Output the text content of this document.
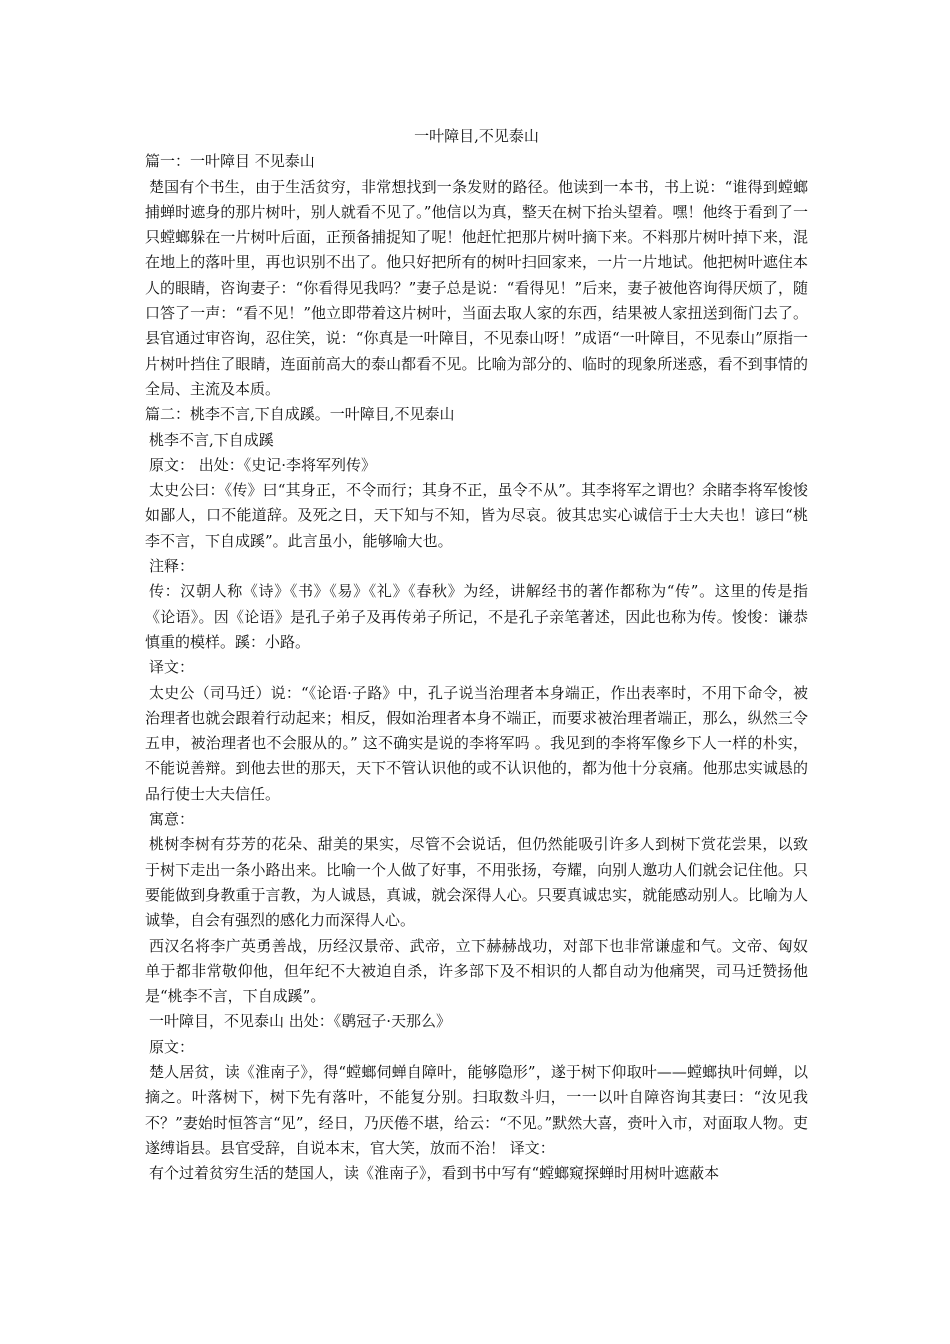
一叶障目,不见泰山

篇一：一叶障目 不见泰山

楚国有个书生，由于生活贫穷，非常想找到一条发财的路径。他读到一本书，书上说：“谁得到螳螂捕蝉时遮身的那片树叶，别人就看不见了。”他信以为真，整天在树下抬头望着。嘿！他终于看到了一只螳螂躲在一片树叶后面，正预备捕捉知了呢！他赶忙把那片树叶摘下来。不料那片树叶掉下来，混在地上的落叶里，再也识别不出了。他只好把所有的树叶扫回家来，一片一片地试。他把树叶遮住本人的眼睛，咨询妻子：“你看得见我吗？”妻子总是说：“看得见！”后来，妻子被他咨询得厌烦了，随口答了一声：“看不见！”他立即带着这片树叶，当面去取人家的东西，结果被人家扭送到衙门去了。县官通过审咨询，忍住笑，说：“你真是一叶障目，不见泰山呀！”成语“一叶障目，不见泰山”原指一片树叶挡住了眼睛，连面前高大的泰山都看不见。比喻为部分的、临时的现象所迷惑，看不到事情的全局、主流及本质。

篇二：桃李不言,下自成蹊。一叶障目,不见泰山

桃李不言,下自成蹊

原文： 出处：《史记·李将军列传》

太史公曰：《传》曰“其身正，不令而行；其身不正，虽令不从”。其李将军之谓也？余睹李将军悛悛如鄙人，口不能道辞。及死之日，天下知与不知，皆为尽哀。彼其忠实心诚信于士大夫也！谚曰“桃李不言，下自成蹊”。此言虽小，能够喻大也。

注释：

传：汉朝人称《诗》《书》《易》《礼》《春秋》为经，讲解经书的著作都称为“传”。这里的传是指《论语》。因《论语》是孔子弟子及再传弟子所记，不是孔子亲笔著述，因此也称为传。悛悛：谦恭慎重的模样。蹊：小路。

译文：

太史公（司马迁）说：“《论语·子路》中，孔子说当治理者本身端正，作出表率时，不用下命令，被治理者也就会跟着行动起来；相反，假如治理者本身不端正，而要求被治理者端正，那么，纵然三令五申，被治理者也不会服从的。” 这不确实是说的李将军吗 。我见到的李将军像乡下人一样的朴实，不能说善辩。到他去世的那天，天下不管认识他的或不认识他的，都为他十分哀痛。他那忠实诚恳的品行使士大夫信任。

寓意：

桃树李树有芬芳的花朵、甜美的果实，尽管不会说话，但仍然能吸引许多人到树下赏花尝果，以致于树下走出一条小路出来。比喻一个人做了好事，不用张扬，夸耀，向别人邀功人们就会记住他。只要能做到身教重于言教，为人诚恳，真诚，就会深得人心。只要真诚忠实，就能感动别人。比喻为人诚挚，自会有强烈的感化力而深得人心。

西汉名将李广英勇善战，历经汉景帝、武帝，立下赫赫战功，对部下也非常谦虚和气。文帝、匈奴单于都非常敬仰他，但年纪不大被迫自杀，许多部下及不相识的人都自动为他痛哭，司马迁赞扬他是“桃李不言，下自成蹊”。

一叶障目，不见泰山 出处：《鹖冠子·天那么》

原文：

楚人居贫，读《淮南子》，得“螳螂伺蝉自障叶，能够隐形”，遂于树下仰取叶——螳螂执叶伺蝉，以摘之。叶落树下，树下先有落叶，不能复分别。扫取数斗归，一一以叶自障咨询其妻曰：“汝见我不？”妻始时恒答言“见”，经日，乃厌倦不堪，给云：“不见。”默然大喜，赍叶入市，对面取人物。吏遂缚诣县。县官受辞，自说本末，官大笑，放而不治！ 译文：

有个过着贫穷生活的楚国人，读《淮南子》，看到书中写有“螳螂窥探蝉时用树叶遮蔽本
